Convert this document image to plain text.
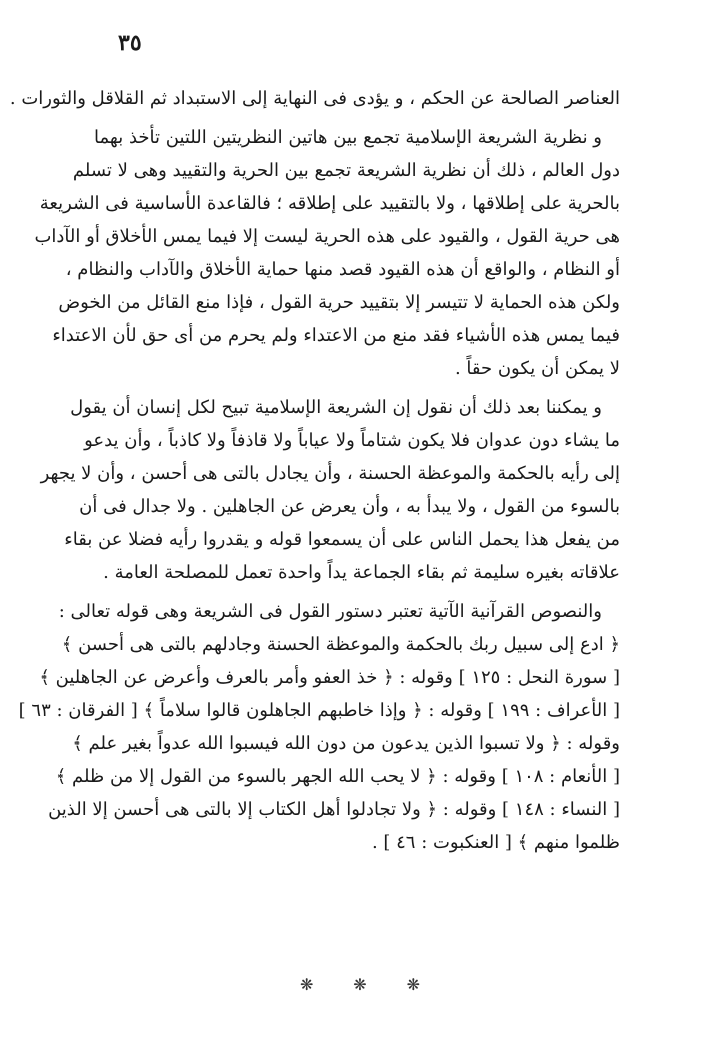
٣٥
العناصر الصالحة عن الحكم ، و يؤدى فى النهاية إلى الاستبداد ثم القلاقل والثورات .
و نظرية الشريعة الإسلامية تجمع بين هاتين النظريتين اللتين تأخذ بهما
دول العالم ، ذلك أن نظرية الشريعة تجمع بين الحرية والتقييد وهى لا تسلم
بالحرية على إطلاقها ، ولا بالتقييد على إطلاقه ؛ فالقاعدة الأساسية فى الشريعة
هى حرية القول ، والقيود على هذه الحرية ليست إلا فيما يمس الأخلاق أو الآداب
أو النظام ، والواقع أن هذه القيود قصد منها حماية الأخلاق والآداب والنظام ،
ولكن هذه الحماية لا تتيسر إلا بتقييد حرية القول ، فإذا منع القائل من الخوض
فيما يمس هذه الأشياء فقد منع من الاعتداء ولم يحرم من أى حق لأن الاعتداء
لا يمكن أن يكون حقاً .
و يمكننا بعد ذلك أن نقول إن الشريعة الإسلامية تبيح لكل إنسان أن يقول
ما يشاء دون عدوان فلا يكون شتاماً ولا عياباً ولا قاذفاً ولا كاذباً ، وأن يدعو
إلى رأيه بالحكمة والموعظة الحسنة ، وأن يجادل بالتى هى أحسن ، وأن لا يجهر
بالسوء من القول ، ولا يبدأ به ، وأن يعرض عن الجاهلين . ولا جدال فى أن
من يفعل هذا يحمل الناس على أن يسمعوا قوله و يقدروا رأيه فضلا عن بقاء
علاقاته بغيره سليمة ثم بقاء الجماعة يداً واحدة تعمل للمصلحة العامة .
والنصوص القرآنية الآتية تعتبر دستور القول فى الشريعة وهى قوله تعالى :
﴿ ادع إلى سبيل ربك بالحكمة والموعظة الحسنة وجادلهم بالتى هى أحسن ﴾
[ سورة النحل : ١٢٥ ] وقوله : ﴿ خذ العفو وأمر بالعرف وأعرض عن الجاهلين ﴾
[ الأعراف : ١٩٩ ] وقوله : ﴿ وإذا خاطبهم الجاهلون قالوا سلاماً ﴾ [ الفرقان : ٦٣ ]
وقوله : ﴿ ولا تسبوا الذين يدعون من دون الله فيسبوا الله عدواً بغير علم ﴾
[ الأنعام : ١٠٨ ] وقوله : ﴿ لا يحب الله الجهر بالسوء من القول إلا من ظلم ﴾
[ النساء : ١٤٨ ] وقوله : ﴿ ولا تجادلوا أهل الكتاب إلا بالتى هى أحسن إلا الذين
ظلموا منهم ﴾ [ العنكبوت : ٤٦ ] .
❋ ❋ ❋
